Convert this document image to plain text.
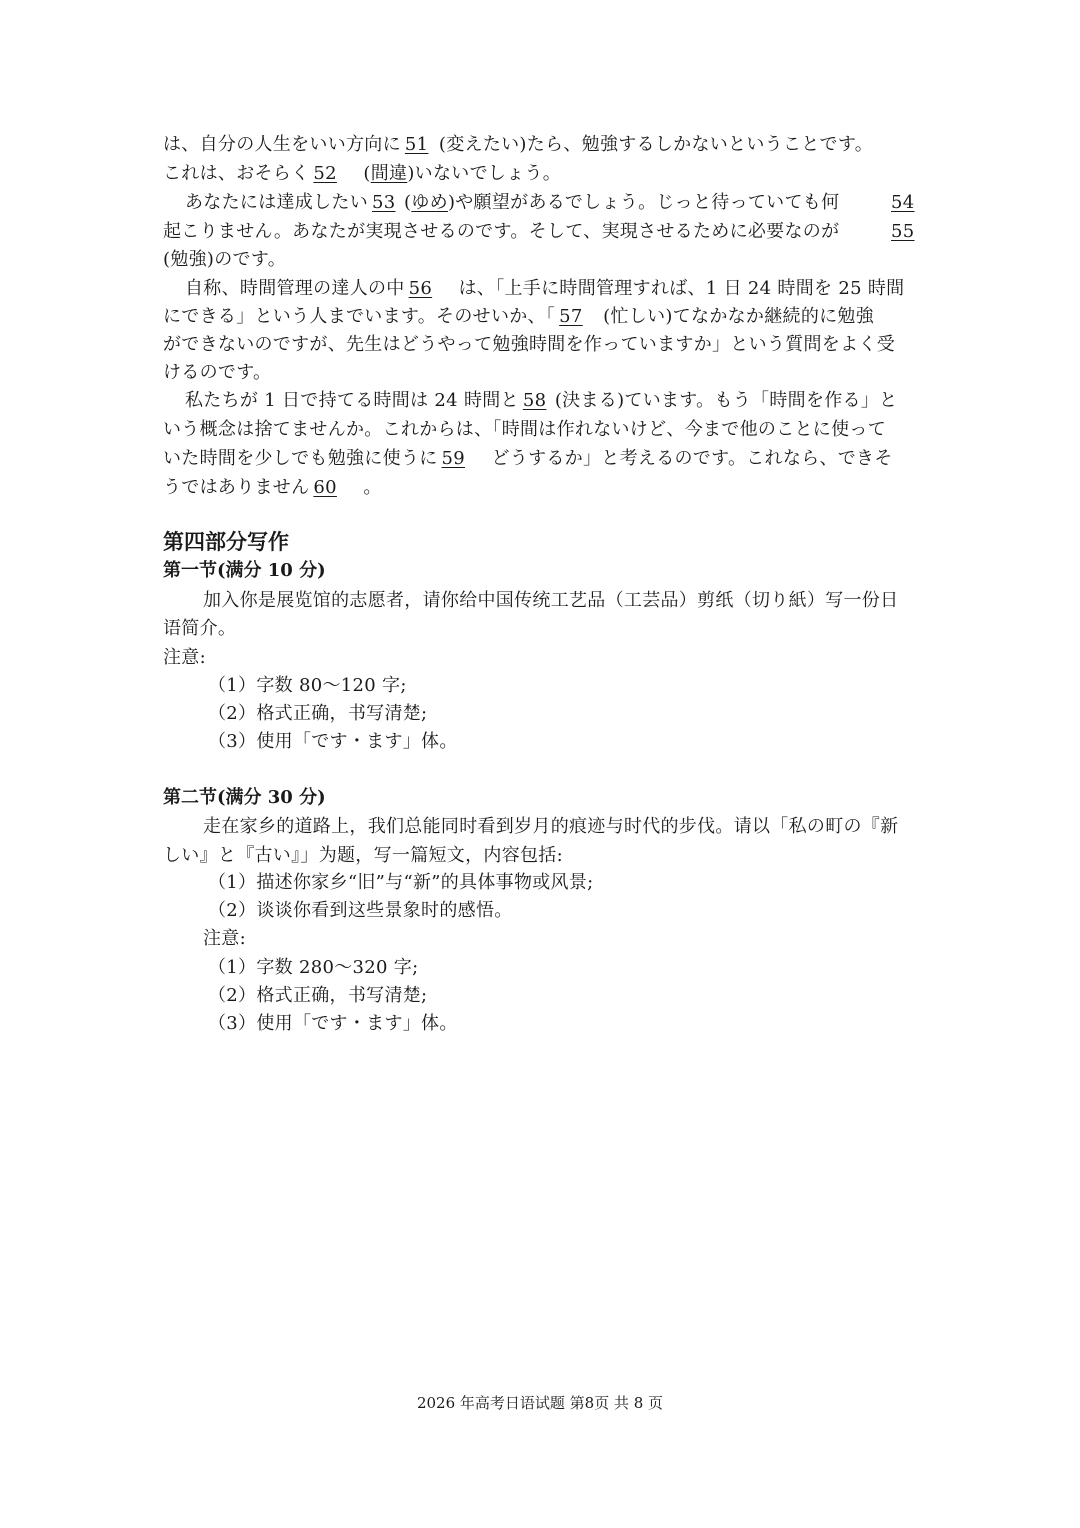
は、自分の人生をいい方向に 51 (変えたい)たら、勉強するしかないということです。
これは、おそらく 52 (間違)いないでしょう。
あなたには達成したい 53 (ゆめ)や願望があるでしょう。じっと待っていても何	54
起こりません。あなたが実現させるのです。そして、実現させるために必要なのが	55
(勉強)のです。
自称、時間管理の達人の中 56 は、「上手に時間管理すれば、1 日 24 時間を 25 時間
にできる」という人までいます。そのせいか、「 57 (忙しい)てなかなか継続的に勉強
ができないのですが、先生はどうやって勉強時間を作っていますか」という質問をよく受
けるのです。
私たちが 1 日で持てる時間は 24 時間と 58 (決まる)ています。もう「時間を作る」と
いう概念は捨てませんか。これからは、「時間は作れないけど、今まで他のことに使って
いた時間を少しでも勉強に使うに 59 どうするか」と考えるのです。これなら、できそ
うではありません 60 。
第四部分写作
第一节(满分 10 分)
加入你是展览馆的志愿者，请你给中国传统工艺品（工芸品）剪纸（切り紙）写一份日
语简介。
注意:
（1）字数 80～120 字;
（2）格式正确，书写清楚;
（3）使用「です・ます」体。
第二节(满分 30 分)
走在家乡的道路上，我们总能同时看到岁月的痕迹与时代的步伐。请以「私の町の『新
しい』と『古い』」为题，写一篇短文，内容包括:
（1）描述你家乡“旧”与“新”的具体事物或风景;
（2）谈谈你看到这些景象时的感悟。
注意:
（1）字数 280～320 字;
（2）格式正确，书写清楚;
（3）使用「です・ます」体。
2026 年高考日语试题 第8页 共 8 页
